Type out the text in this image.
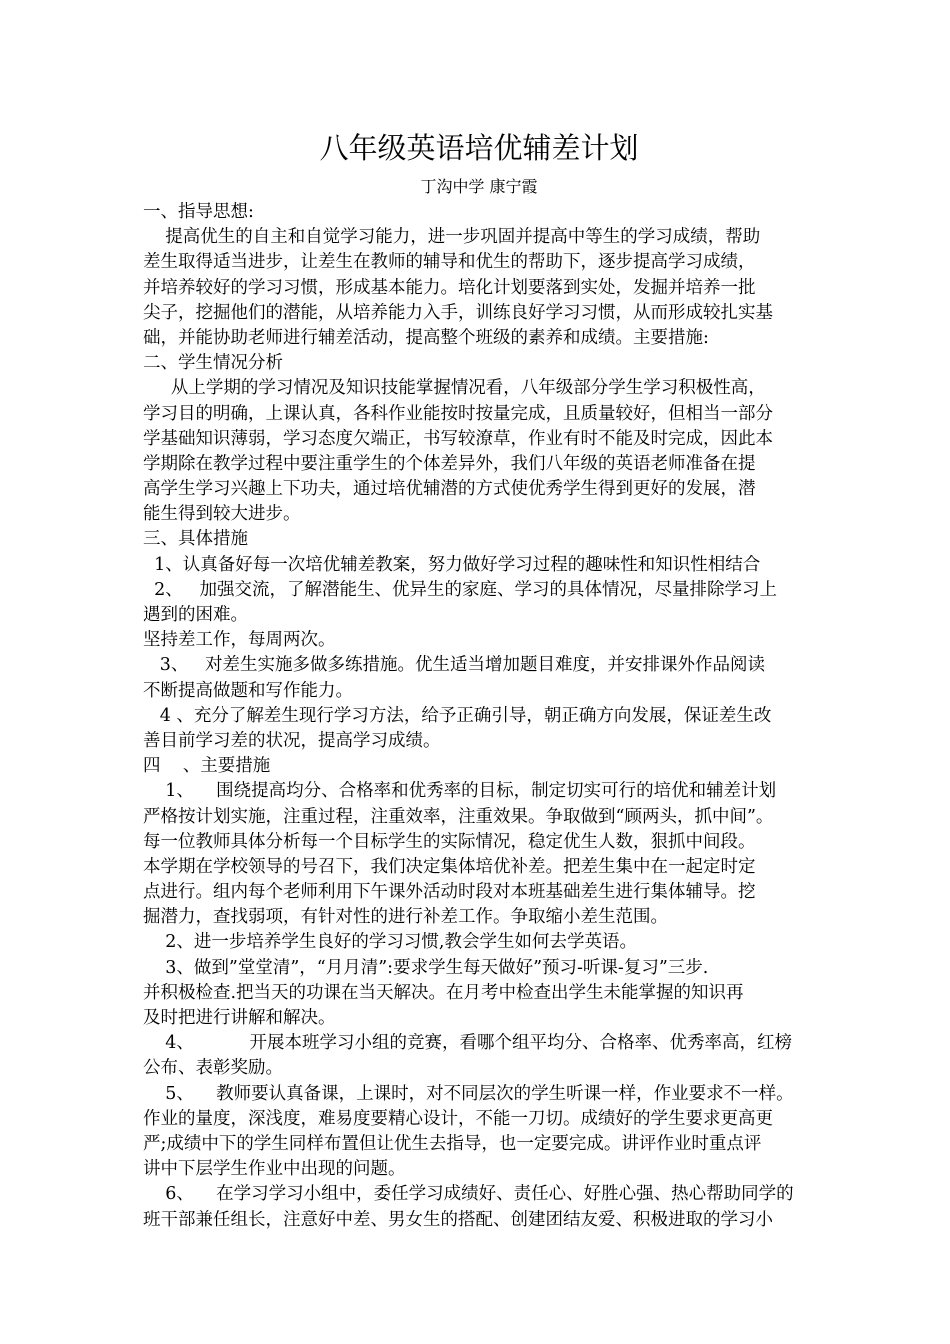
八年级英语培优辅差计划
丁沟中学 康宁霞
一、指导思想:
提高优生的自主和自觉学习能力，进一步巩固并提高中等生的学习成绩，帮助
差生取得适当进步，让差生在教师的辅导和优生的帮助下，逐步提高学习成绩，
并培养较好的学习习惯，形成基本能力。培化计划要落到实处，发掘并培养一批
尖子，挖掘他们的潜能，从培养能力入手，训练良好学习习惯，从而形成较扎实基
础，并能协助老师进行辅差活动，提高整个班级的素养和成绩。主要措施:
二、学生情况分析
从上学期的学习情况及知识技能掌握情况看，八年级部分学生学习积极性高，
学习目的明确，上课认真，各科作业能按时按量完成，且质量较好，但相当一部分
学基础知识薄弱，学习态度欠端正，书写较潦草，作业有时不能及时完成，因此本
学期除在教学过程中要注重学生的个体差异外，我们八年级的英语老师准备在提
高学生学习兴趣上下功夫，通过培优辅潜的方式使优秀学生得到更好的发展，潜
能生得到较大进步。
三、具体措施
1、认真备好每一次培优辅差教案，努力做好学习过程的趣味性和知识性相结合
2、   加强交流，了解潜能生、优异生的家庭、学习的具体情况，尽量排除学习上
遇到的困难。
坚持差工作，每周两次。
3、   对差生实施多做多练措施。优生适当增加题目难度，并安排课外作品阅读
不断提高做题和写作能力。
4 、充分了解差生现行学习方法，给予正确引导，朝正确方向发展，保证差生改
善目前学习差的状况，提高学习成绩。
四    、主要措施
1、    围绕提高均分、合格率和优秀率的目标，制定切实可行的培优和辅差计划
严格按计划实施，注重过程，注重效率，注重效果。争取做到“顾两头，抓中间”。
每一位教师具体分析每一个目标学生的实际情况，稳定优生人数，狠抓中间段。
本学期在学校领导的号召下，我们决定集体培优补差。把差生集中在一起定时定
点进行。组内每个老师利用下午课外活动时段对本班基础差生进行集体辅导。挖
掘潜力，查找弱项，有针对性的进行补差工作。争取缩小差生范围。
2、进一步培养学生良好的学习习惯,教会学生如何去学英语。
3、做到”堂堂清”，“月月清”:要求学生每天做好”预习-听课-复习”三步.
并积极检查.把当天的功课在当天解决。在月考中检查出学生未能掌握的知识再
及时把进行讲解和解决。
4、          开展本班学习小组的竞赛，看哪个组平均分、合格率、优秀率高，红榜
公布、表彰奖励。
5、    教师要认真备课，上课时，对不同层次的学生听课一样，作业要求不一样。
作业的量度，深浅度，难易度要精心设计，不能一刀切。成绩好的学生要求更高更
严;成绩中下的学生同样布置但让优生去指导，也一定要完成。讲评作业时重点评
讲中下层学生作业中出现的问题。
6、    在学习学习小组中，委任学习成绩好、责任心、好胜心强、热心帮助同学的
班干部兼任组长，注意好中差、男女生的搭配、创建团结友爱、积极进取的学习小
